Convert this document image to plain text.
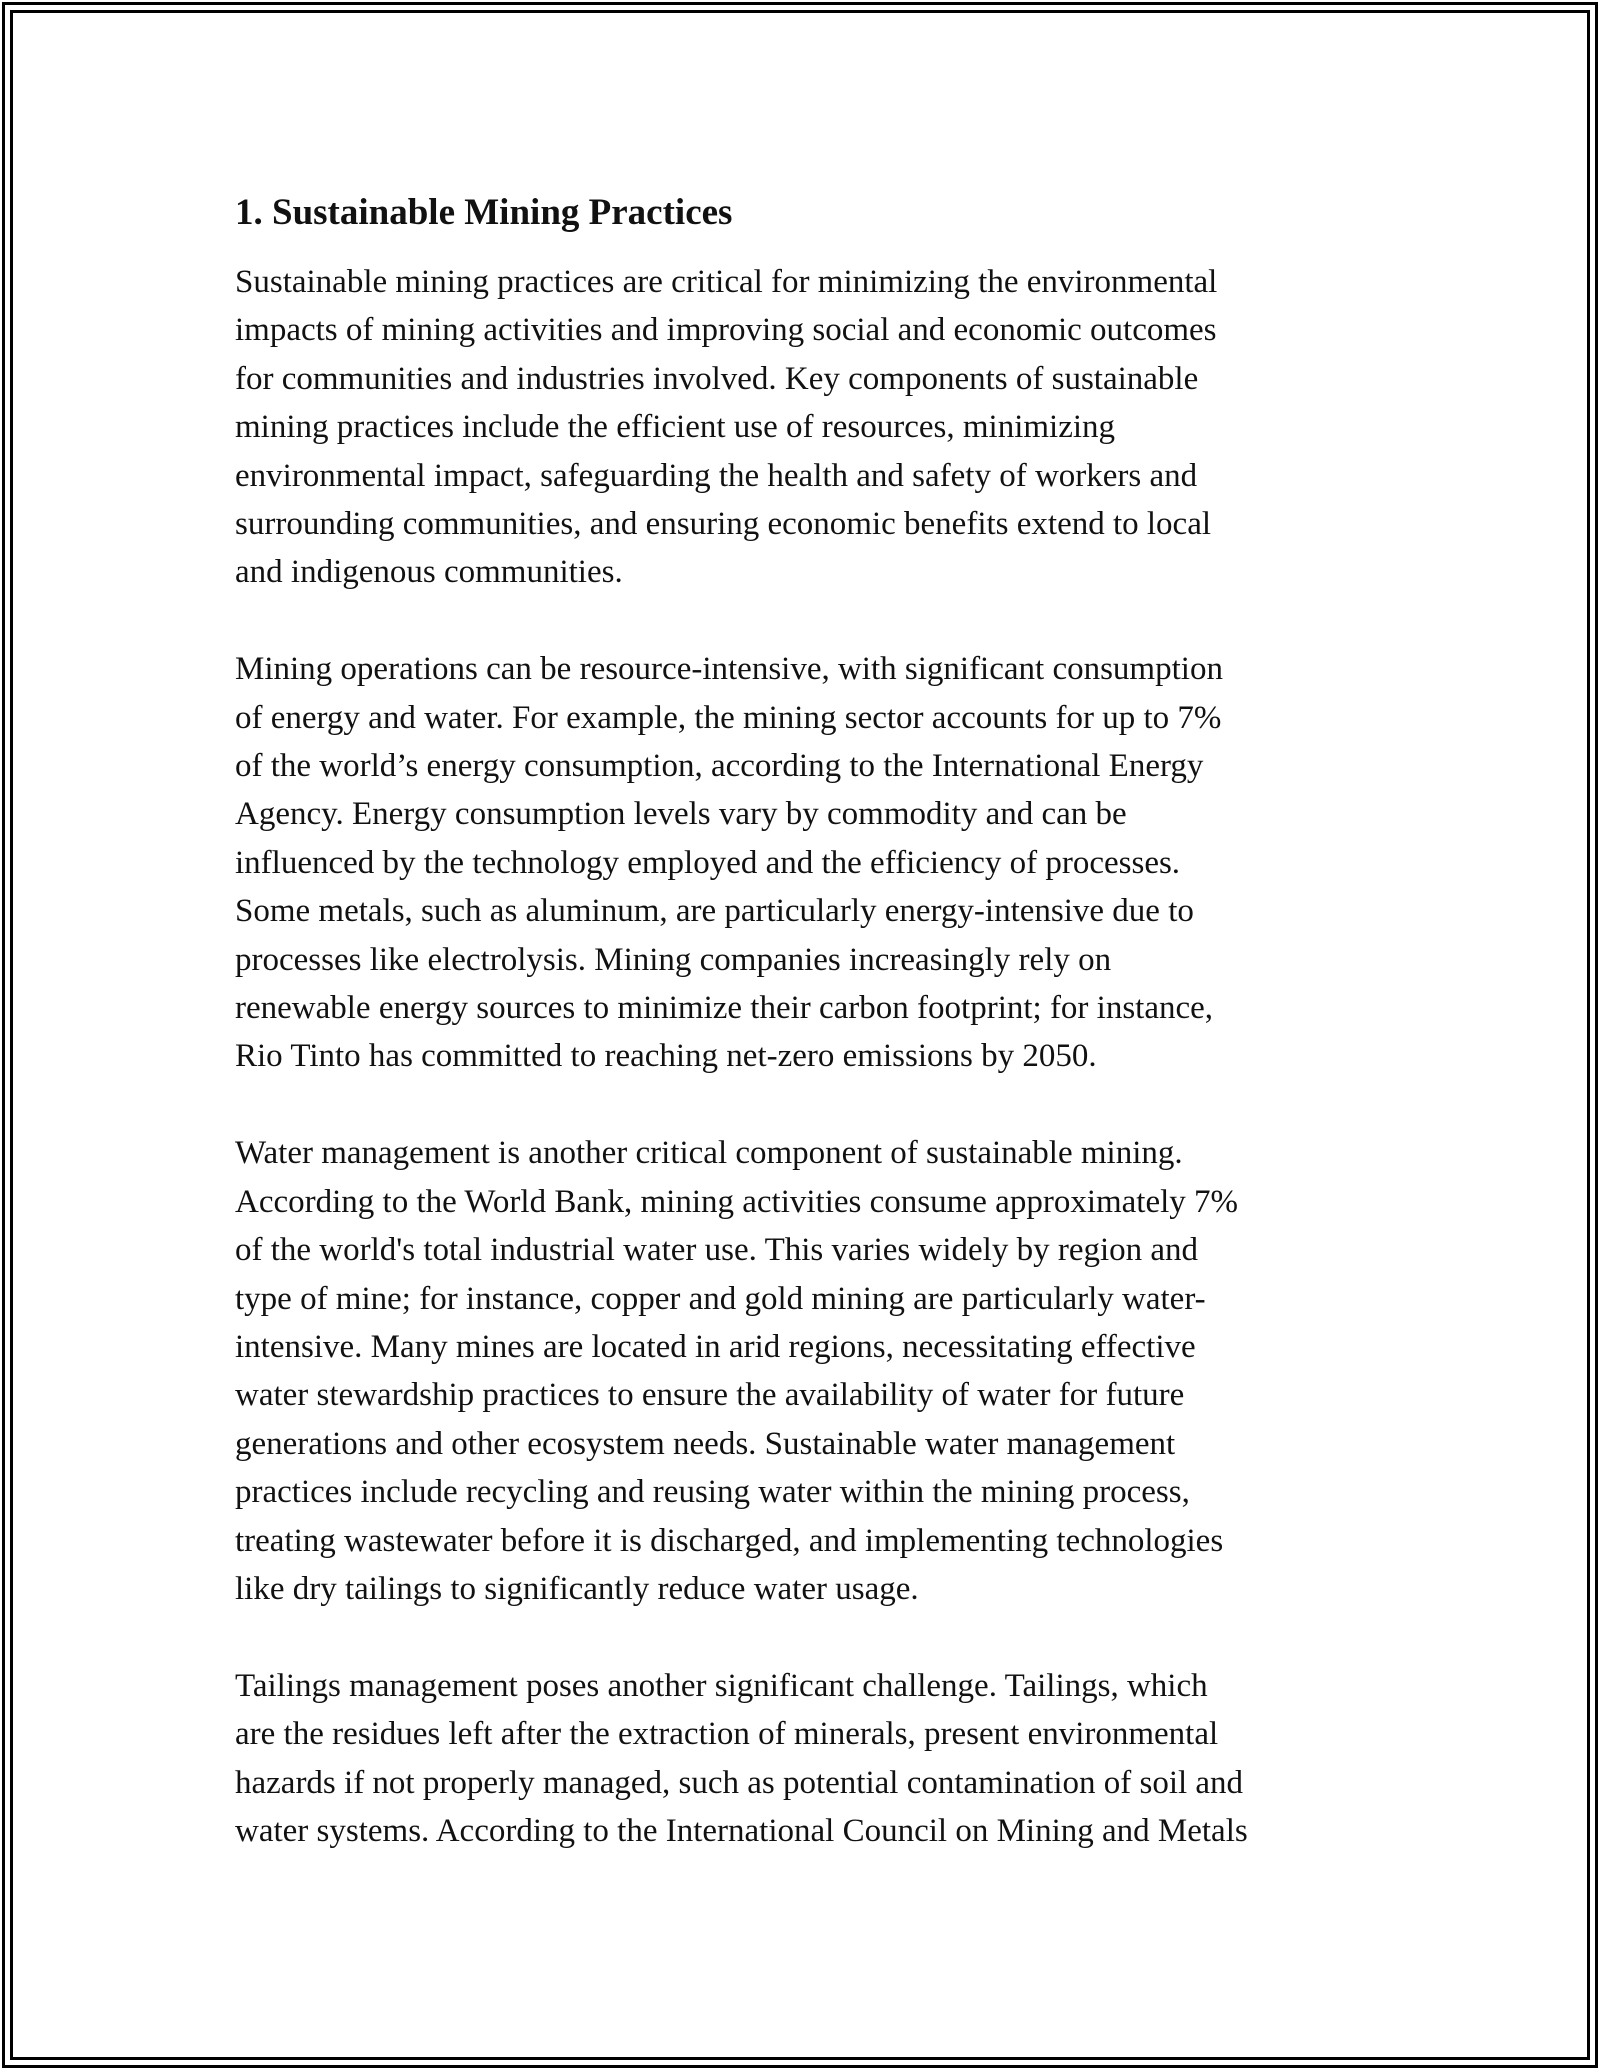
1. Sustainable Mining Practices

Sustainable mining practices are critical for minimizing the environmental
impacts of mining activities and improving social and economic outcomes
for communities and industries involved. Key components of sustainable
mining practices include the efficient use of resources, minimizing
environmental impact, safeguarding the health and safety of workers and
surrounding communities, and ensuring economic benefits extend to local
and indigenous communities.

Mining operations can be resource-intensive, with significant consumption
of energy and water. For example, the mining sector accounts for up to 7%
of the world’s energy consumption, according to the International Energy
Agency. Energy consumption levels vary by commodity and can be
influenced by the technology employed and the efficiency of processes.
Some metals, such as aluminum, are particularly energy-intensive due to
processes like electrolysis. Mining companies increasingly rely on
renewable energy sources to minimize their carbon footprint; for instance,
Rio Tinto has committed to reaching net-zero emissions by 2050.

Water management is another critical component of sustainable mining.
According to the World Bank, mining activities consume approximately 7%
of the world's total industrial water use. This varies widely by region and
type of mine; for instance, copper and gold mining are particularly water-
intensive. Many mines are located in arid regions, necessitating effective
water stewardship practices to ensure the availability of water for future
generations and other ecosystem needs. Sustainable water management
practices include recycling and reusing water within the mining process,
treating wastewater before it is discharged, and implementing technologies
like dry tailings to significantly reduce water usage.

Tailings management poses another significant challenge. Tailings, which
are the residues left after the extraction of minerals, present environmental
hazards if not properly managed, such as potential contamination of soil and
water systems. According to the International Council on Mining and Metals
